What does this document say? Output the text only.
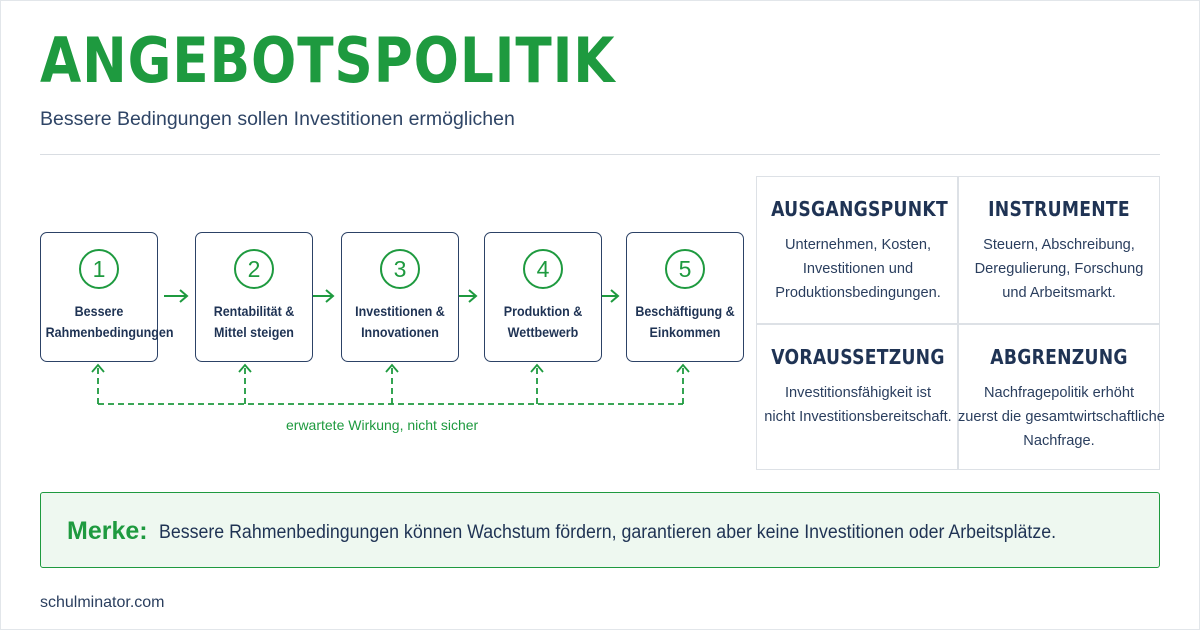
ANGEBOTSPOLITIK
Bessere Bedingungen sollen Investitionen ermöglichen
1
Bessere
Rahmenbedingungen
2
Rentabilität &
Mittel steigen
3
Investitionen &
Innovationen
4
Produktion &
Wettbewerb
5
Beschäftigung &
Einkommen
erwartete Wirkung, nicht sicher
AUSGANGSPUNKT
Unternehmen, Kosten,
Investitionen und
Produktionsbedingungen.
INSTRUMENTE
Steuern, Abschreibung,
Deregulierung, Forschung
und Arbeitsmarkt.
VORAUSSETZUNG
Investitionsfähigkeit ist
nicht Investitionsbereitschaft.
ABGRENZUNG
Nachfragepolitik erhöht
zuerst die gesamtwirtschaftliche
Nachfrage.
Merke: Bessere Rahmenbedingungen können Wachstum fördern, garantieren aber keine Investitionen oder Arbeitsplätze.
schulminator.com
